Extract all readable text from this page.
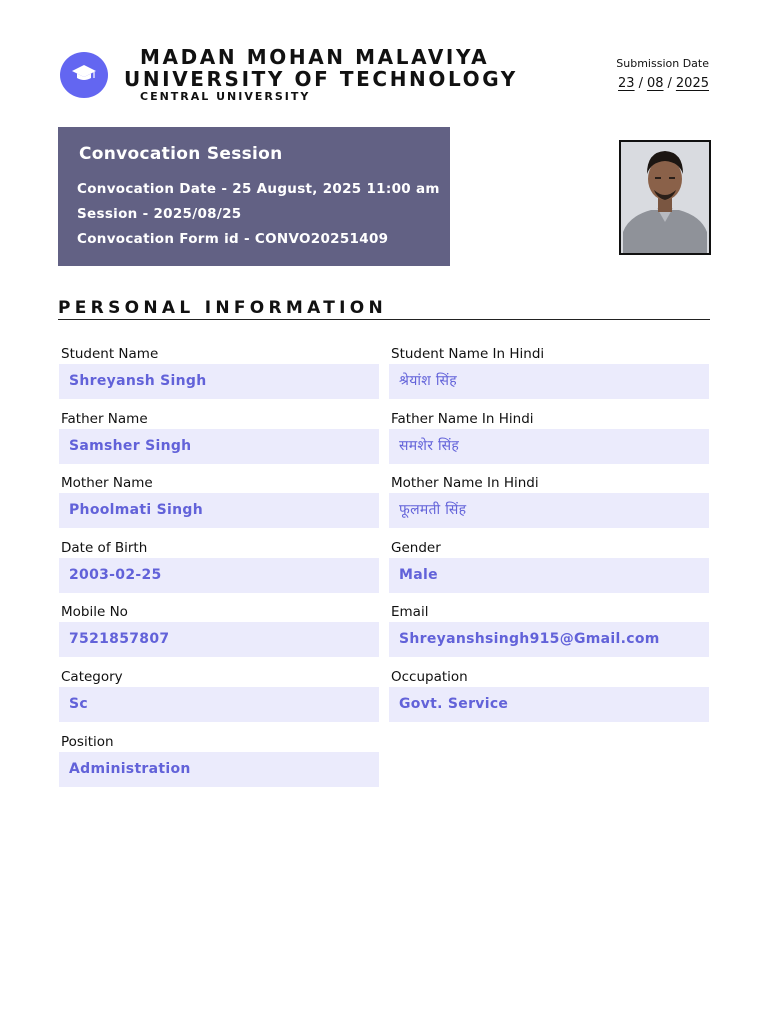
MADAN MOHAN MALAVIYA UNIVERSITY OF TECHNOLOGY
CENTRAL UNIVERSITY
Submission Date
23 / 08 / 2025
Convocation Session
Convocation Date - 25 August, 2025 11:00 am
Session - 2025/08/25
Convocation Form id - CONVO20251409
PERSONAL INFORMATION
Student Name
Shreyansh Singh
Student Name In Hindi
श्रेयांश सिंह
Father Name
Samsher Singh
Father Name In Hindi
समशेर सिंह
Mother Name
Phoolmati Singh
Mother Name In Hindi
फूलमती सिंह
Date of Birth
2003-02-25
Gender
Male
Mobile No
7521857807
Email
Shreyanshsingh915@Gmail.com
Category
Sc
Occupation
Govt. Service
Position
Administration
